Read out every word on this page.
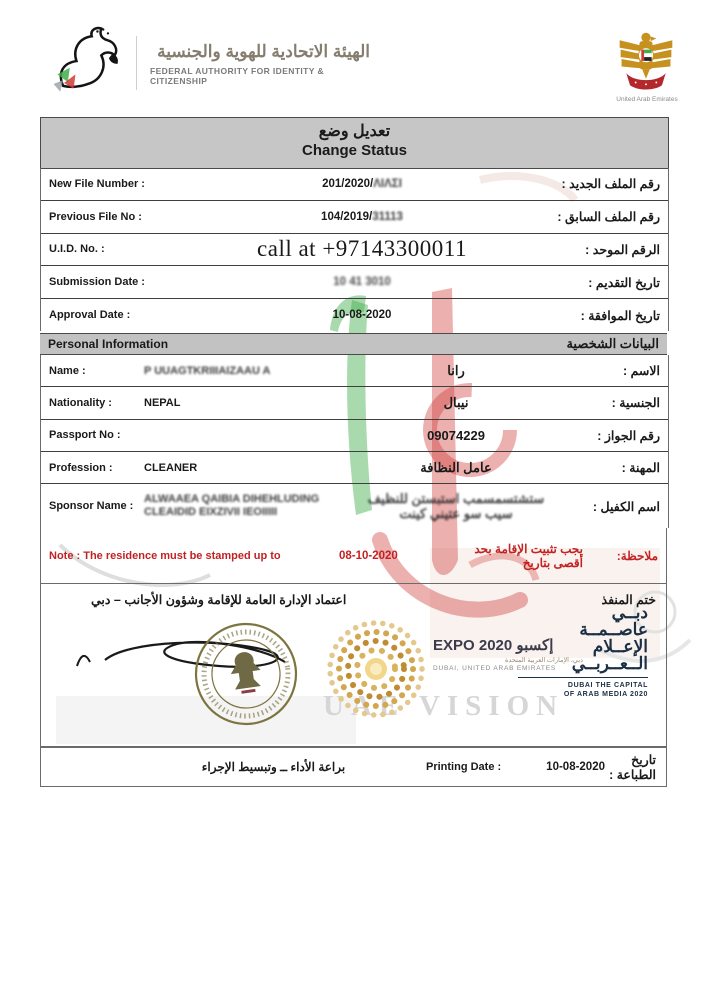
الهيئة الاتحادية للهوية والجنسية
FEDERAL AUTHORITY FOR IDENTITY & CITIZENSHIP
United Arab Emirates
تعديل وضع
Change Status
New File Number :	201/2020/ΛΙΛΣΙ	رقم الملف الجديد :
Previous File No :	104/2019/31113	رقم الملف السابق :
U.I.D. No. :	call at +97143300011	الرقم الموحد :
Submission Date :	10 41 3010	تاريخ التقديم :
Approval Date :	10-08-2020	تاريخ الموافقة :
Personal Information	البيانات الشخصية
Name :	P UUAGTKRIIIAIZAAU A	رانا	الاسم :
Nationality :	NEPAL	نيبال	الجنسية :
Passport No :	09074229	رقم الجواز :
Profession :	CLEANER	عامل النظافة	المهنة :
Sponsor Name :
ALWAAEA QAIBIA DIHEHLUDING
CLEAIDID EIXZIVII IEOIIIII
ستشتسمسمب استبستن للنظيف
سيب سو عتيني كينت	اسم الكفيل :
Note : The residence must be stamped up to	08-10-2020	يجب تثبيت الإقامة بحد أقصى بتاريخ	ملاحظة:
اعتماد الإدارة العامة للإقامة وشؤون الأجانب – دبي	ختم المنفذ
UAE VISION
EXPO 2020 إكسبو
دبي، الإمارات العربية المتحدة
DUBAI, UNITED ARAB EMIRATES
دبــي
عاصــمــة
الإعــلام
الــعــربــي
DUBAI THE CAPITAL
OF ARAB MEDIA 2020
براعة الأداء ــ وتبسيط الإجراء	Printing Date :	10-08-2020	تاريخ الطباعة :
